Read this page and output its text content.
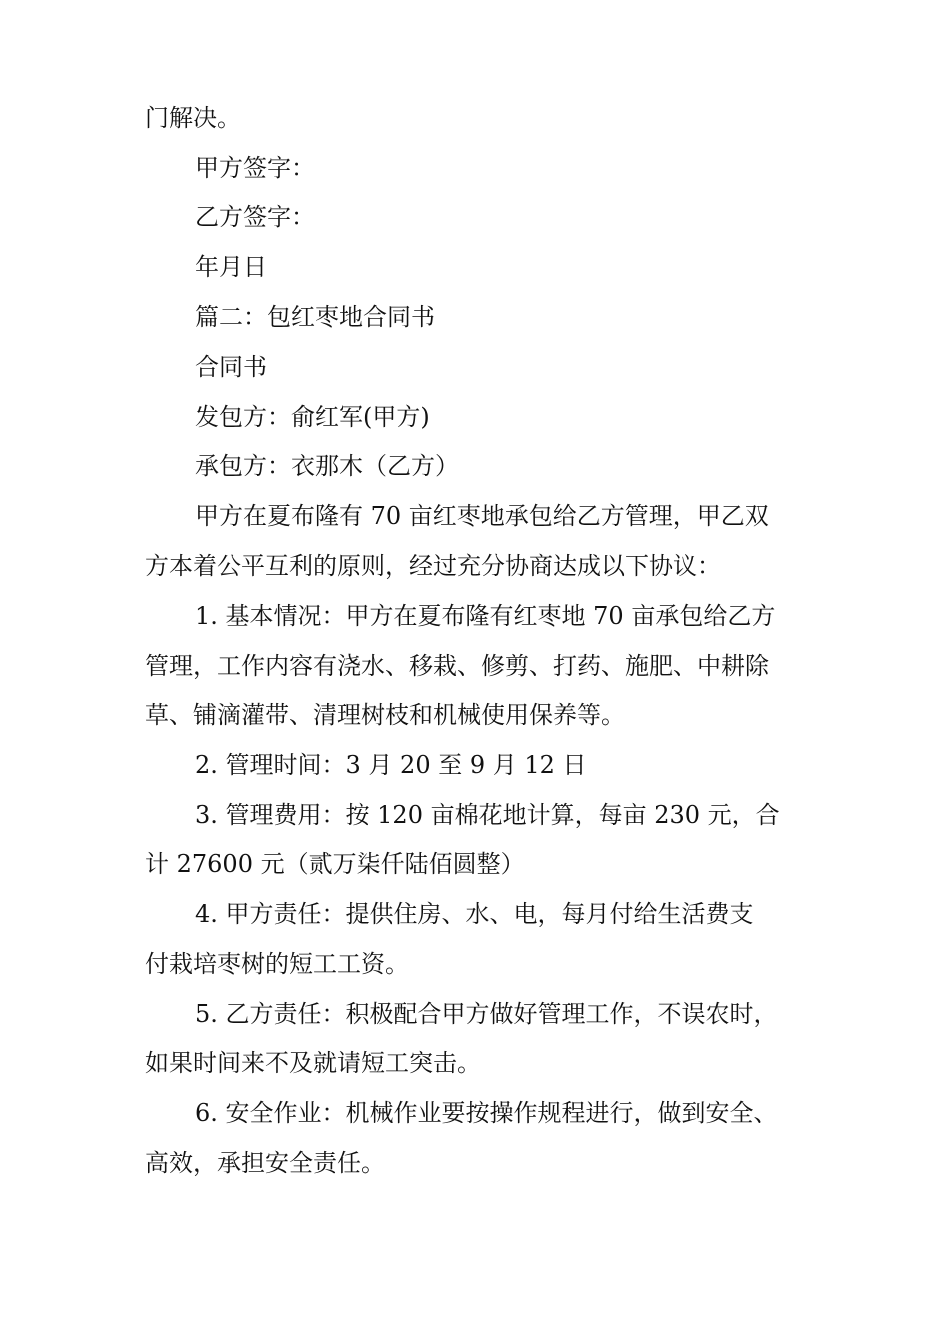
门解决。
甲方签字：
乙方签字：
年月日
篇二：包红枣地合同书
合同书
发包方：俞红军(甲方)
承包方：衣那木（乙方）
甲方在夏布隆有 70 亩红枣地承包给乙方管理，甲乙双
方本着公平互利的原则，经过充分协商达成以下协议：
1. 基本情况：甲方在夏布隆有红枣地 70 亩承包给乙方
管理，工作内容有浇水、移栽、修剪、打药、施肥、中耕除
草、铺滴灌带、清理树枝和机械使用保养等。
2. 管理时间：3 月 20 至 9 月 12 日
3. 管理费用：按 120 亩棉花地计算，每亩 230 元，合
计 27600 元（贰万柒仟陆佰圆整）
4. 甲方责任：提供住房、水、电，每月付给生活费支
付栽培枣树的短工工资。
5. 乙方责任：积极配合甲方做好管理工作，不误农时，
如果时间来不及就请短工突击。
6. 安全作业：机械作业要按操作规程进行，做到安全、
高效，承担安全责任。
